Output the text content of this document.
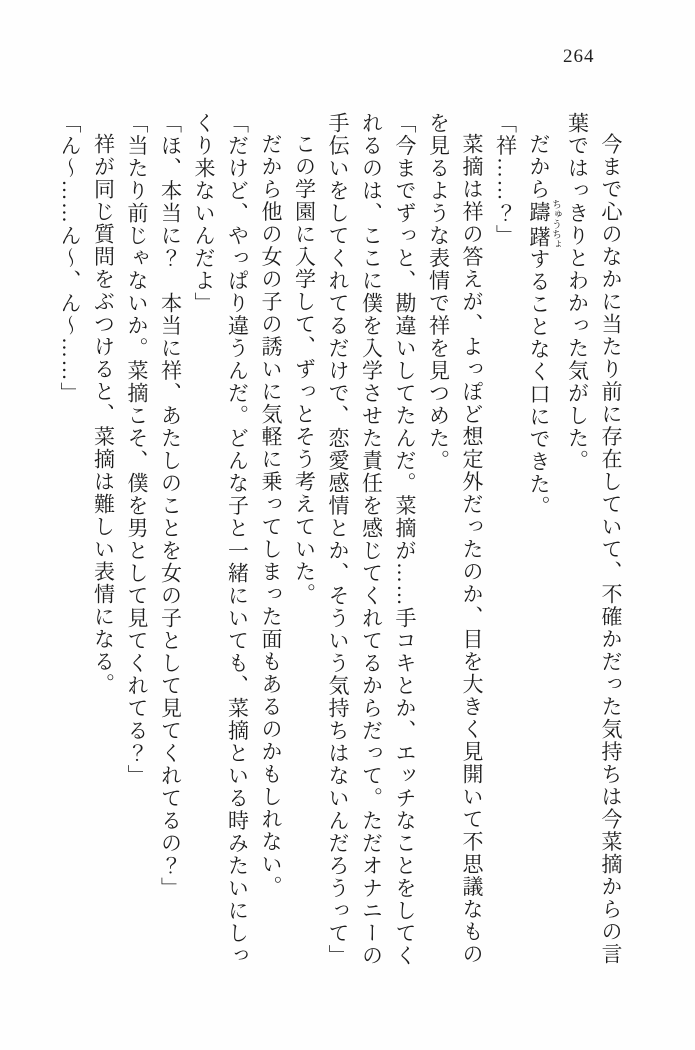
264

今まで心のなかに当たり前に存在していて、不確かだった気持ちは今菜摘からの言

葉ではっきりとわかった気がした。

だから躊躇ちゅうちょすることなく口にできた。

「祥……？」

菜摘は祥の答えが、よっぽど想定外だったのか、目を大きく見開いて不思議なもの

を見るような表情で祥を見つめた。

「今までずっと、勘違いしてたんだ。菜摘が……手コキとか、エッチなことをしてく

れるのは、ここに僕を入学させた責任を感じてくれてるからだって。ただオナニーの

手伝いをしてくれてるだけで、恋愛感情とか、そういう気持ちはないんだろうって」

この学園に入学して、ずっとそう考えていた。

だから他の女の子の誘いに気軽に乗ってしまった面もあるのかもしれない。

「だけど、やっぱり違うんだ。どんな子と一緒にいても、菜摘といる時みたいにしっ

くり来ないんだよ」

「ほ、本当に？　本当に祥、あたしのことを女の子として見てくれてるの？」

「当たり前じゃないか。菜摘こそ、僕を男として見てくれてる？」

祥が同じ質問をぶつけると、菜摘は難しい表情になる。

「ん〜……ん〜、ん〜……」
